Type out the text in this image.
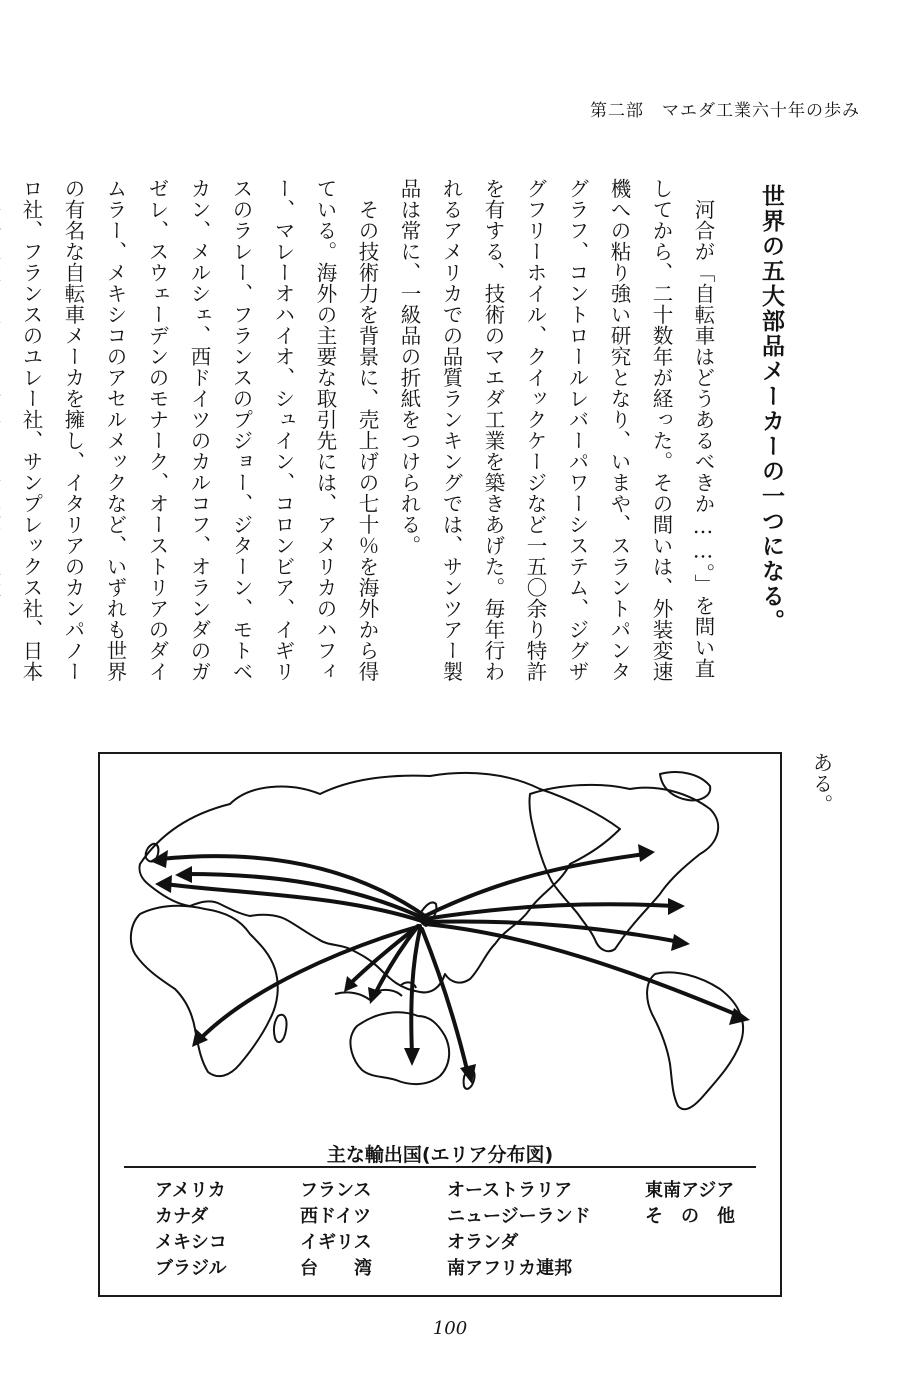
第二部　マエダ工業六十年の歩み
世界の五大部品メーカーの一つになる。

河合が「自転車はどうあるべきか……。」を問い直してから、二十数年が経った。その間いは、外装変速機への粘り強い研究となり、いまや、スラントパンタグラフ、コントロールレバーパワーシステム、ジグザグフリーホイル、クイックケージなど一五〇余り特許を有する、技術のマエダ工業を築きあげた。毎年行われるアメリカでの品質ランキングでは、サンツアー製品は常に、一級品の折紙をつけられる。

その技術力を背景に、売上げの七十％を海外から得ている。海外の主要な取引先には、アメリカのハフィー、マレーオハイオ、シュイン、コロンビア、イギリスのラレー、フランスのプジョー、ジターン、モトベカン、メルシェ、西ドイツのカルコフ、オランダのガゼレ、スウェーデンのモナーク、オーストリアのダイムラー、メキシコのアセルメックなど、いずれも世界の有名な自転車メーカを擁し、イタリアのカンパノーロ社、フランスのユレー社、サンプレックス社、日本

ある。
主な輸出国(エリア分布図)
アメリカ
カナダ
メキシコ
ブラジル
フランス
西ドイツ
イギリス
台　　湾
オーストラリア
ニュージーランド
オランダ
南アフリカ連邦
東南アジア
そ　の　他
100
